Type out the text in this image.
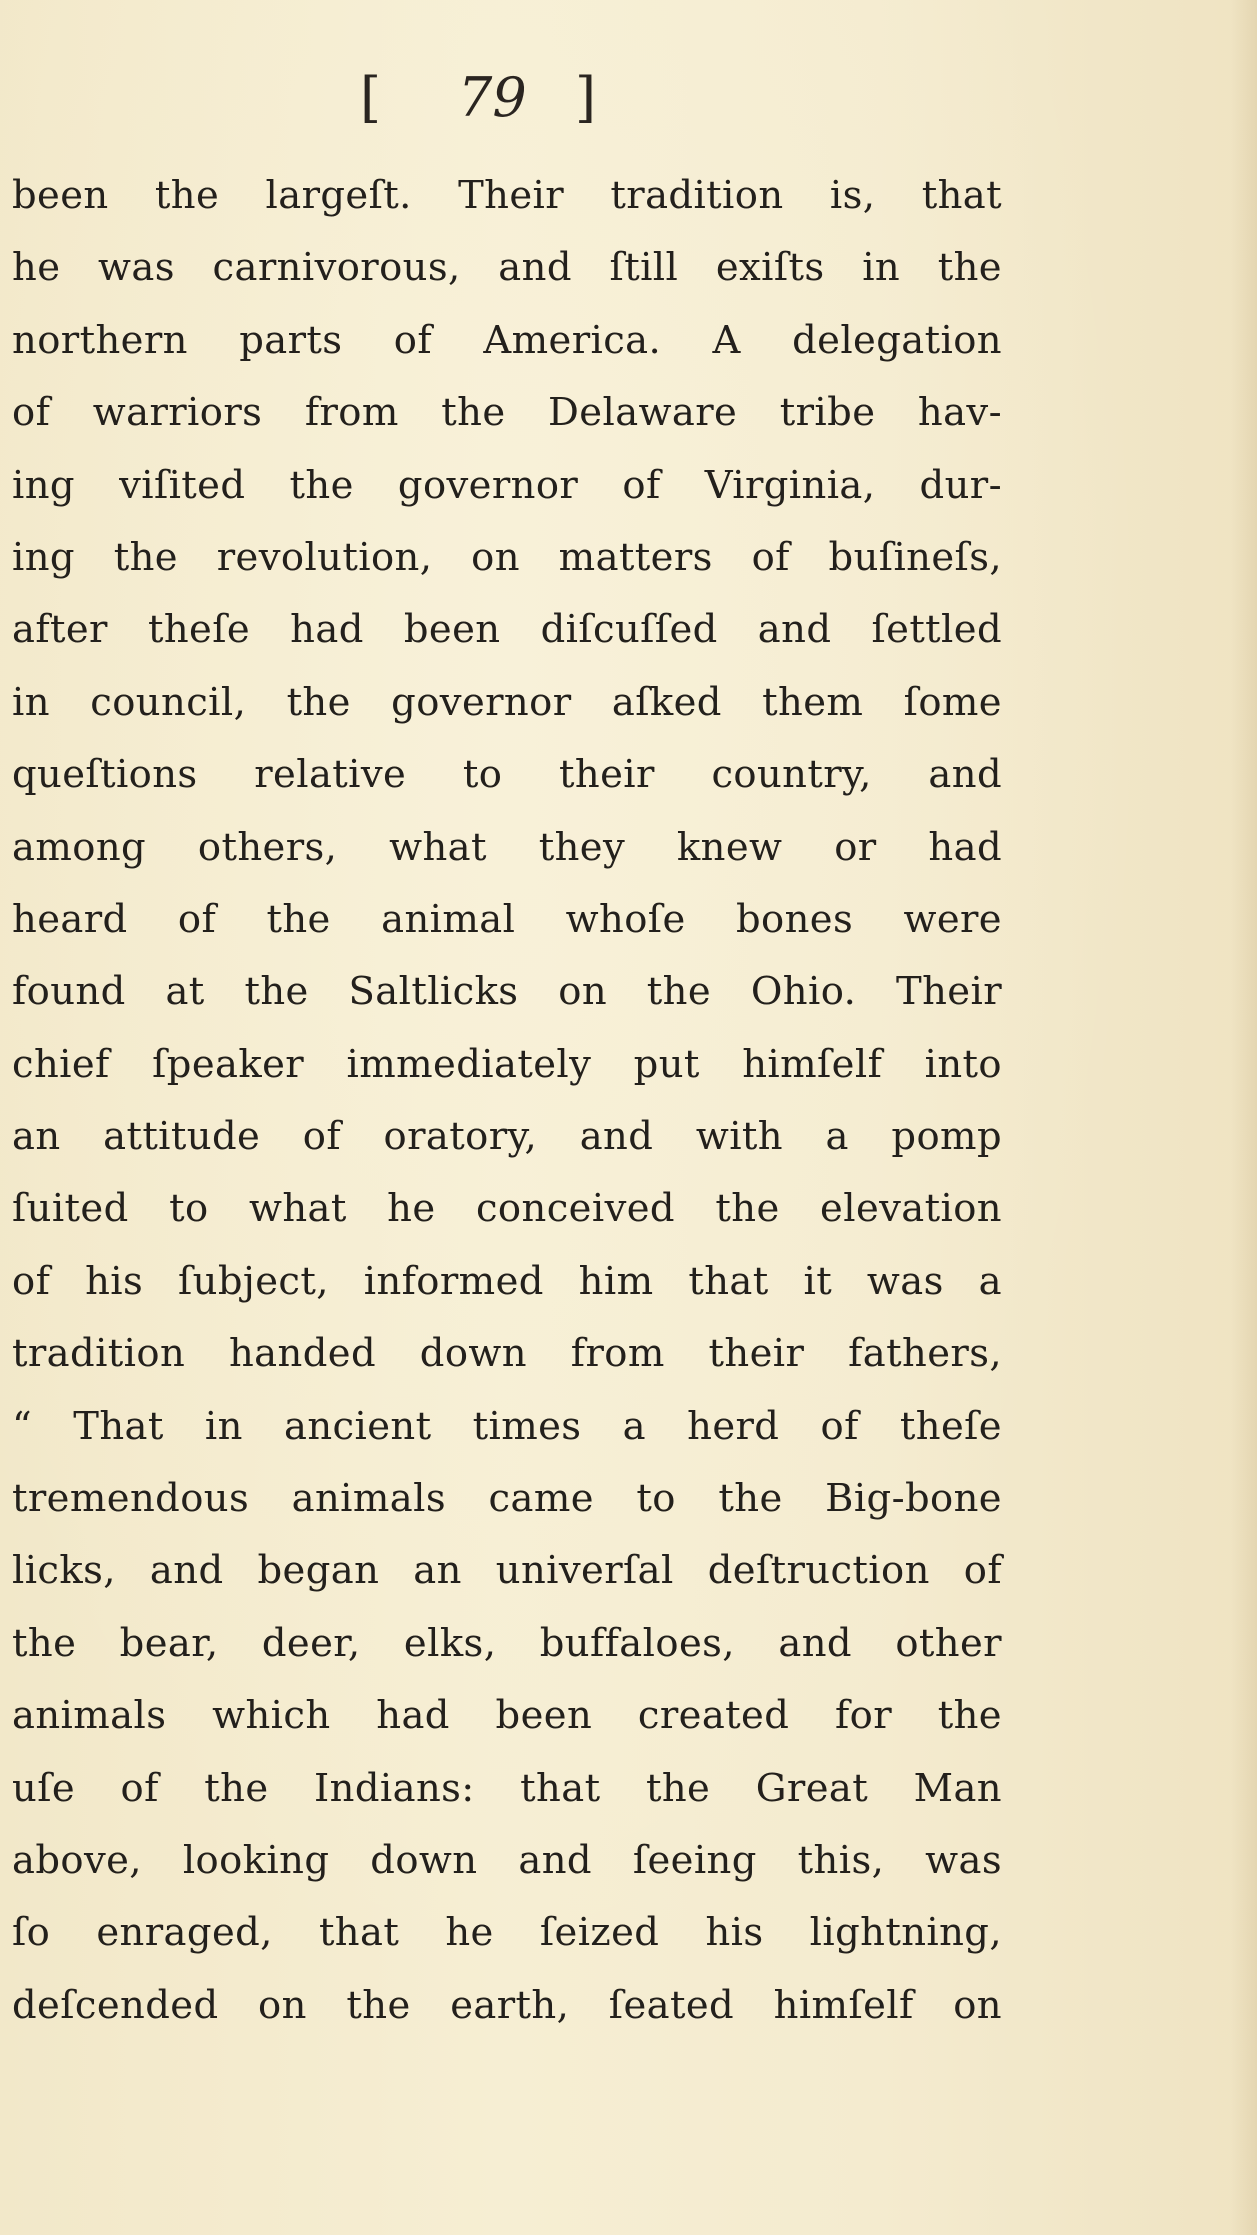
[ 79 ]
been the largeſt. Their tradition is, that
he was carnivorous, and ſtill exiſts in the
northern parts of America. A delegation
of warriors from the Delaware tribe hav-
ing viſited the governor of Virginia, dur-
ing the revolution, on matters of buſineſs,
after theſe had been diſcuſſed and ſettled
in council, the governor aſked them ſome
queſtions relative to their country, and
among others, what they knew or had
heard of the animal whoſe bones were
found at the Saltlicks on the Ohio. Their
chief ſpeaker immediately put himſelf into
an attitude of oratory, and with a pomp
ſuited to what he conceived the elevation
of his ſubject, informed him that it was a
tradition handed down from their fathers,
“ That in ancient times a herd of theſe
tremendous animals came to the Big-bone
licks, and began an univerſal deſtruction of
the bear, deer, elks, buffaloes, and other
animals which had been created for the
uſe of the Indians: that the Great Man
above, looking down and ſeeing this, was
ſo enraged, that he ſeized his lightning,
deſcended on the earth, ſeated himſelf on
